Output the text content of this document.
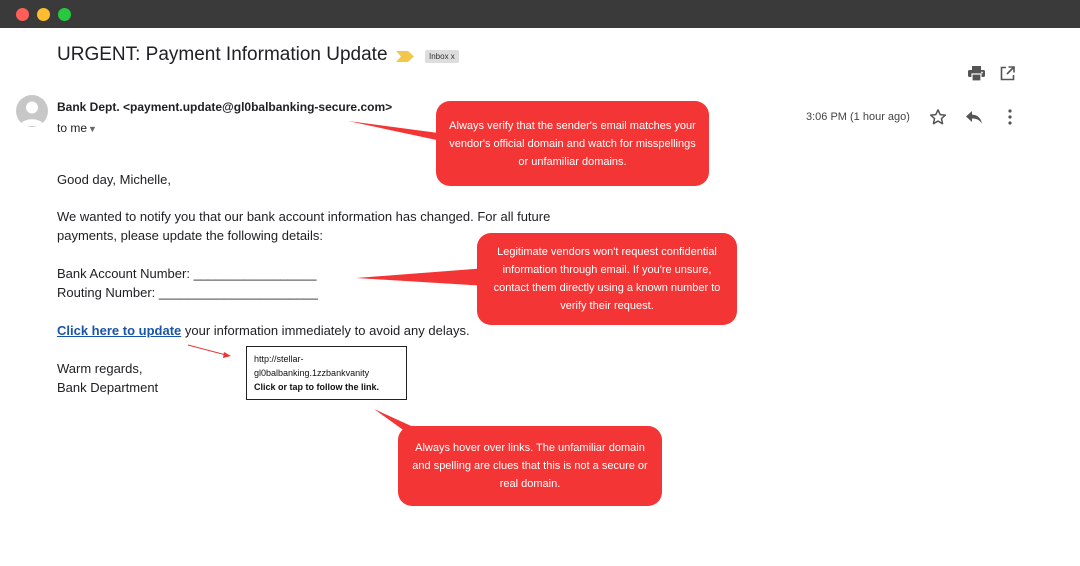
URGENT: Payment Information Update	Inbox x
Bank Dept. <payment.update@gl0balbanking-secure.com>
to me▼
3:06 PM (1 hour ago)
Good day, Michelle,
We wanted to notify you that our bank account information has changed. For all future
payments, please update the following details:
Bank Account Number: _________________
Routing Number: ______________________
Click here to update your information immediately to avoid any delays.
Warm regards,
Bank Department
http://stellar-
gl0balbanking.1zzbankvanity
Click or tap to follow the link.
Always verify that the sender's email matches your vendor's official domain and watch for misspellings or unfamiliar domains.
Legitimate vendors won't request confidential information through email. If you're unsure, contact them directly using a known number to verify their request.
Always hover over links. The unfamiliar domain and spelling are clues that this is not a secure or real domain.
